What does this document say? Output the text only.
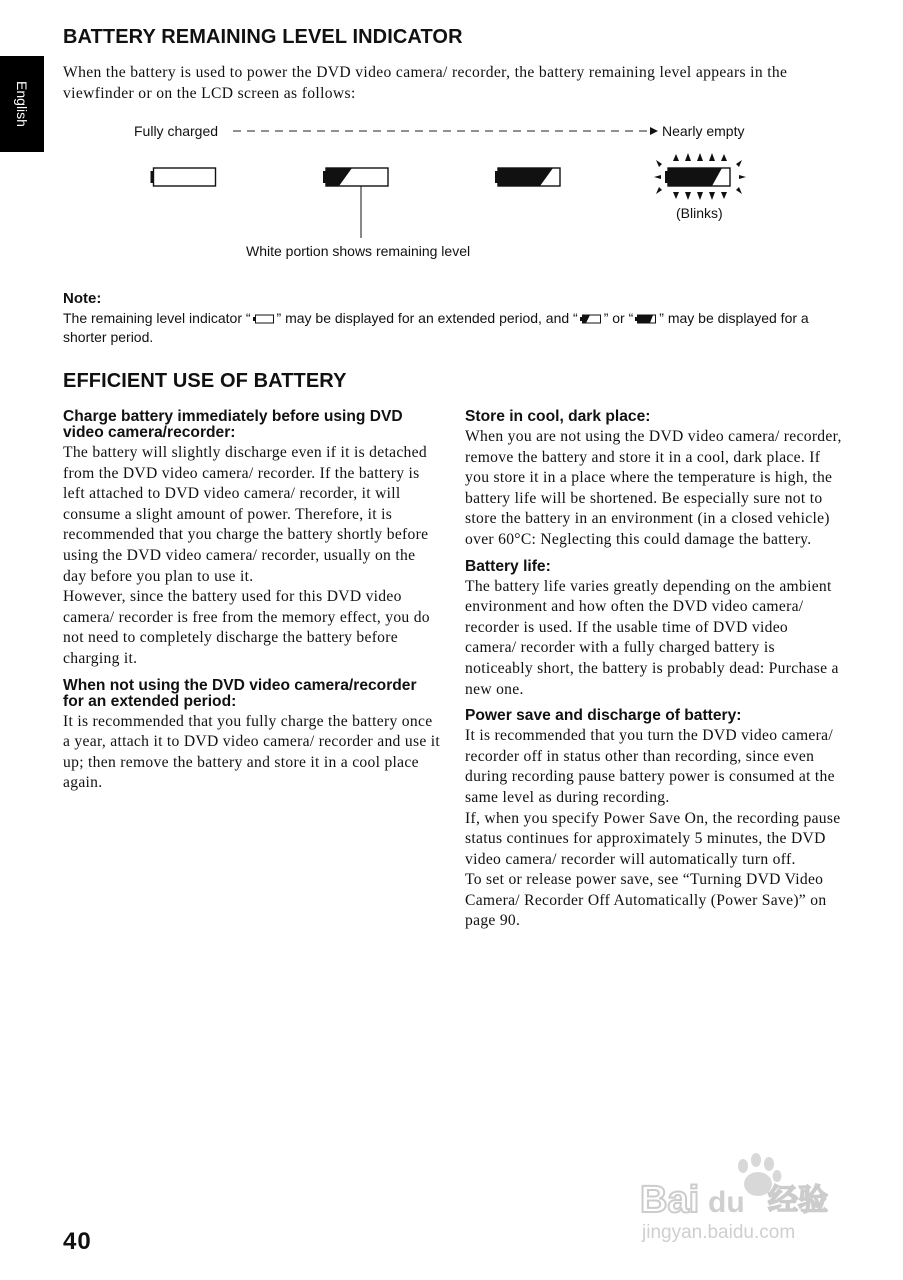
English
BATTERY REMAINING LEVEL INDICATOR
When the battery is used to power the DVD video camera/ recorder, the battery remaining level appears in the viewfinder or on the LCD screen as follows:
Fully charged	Nearly empty
(Blinks)
White portion shows remaining level
Note:
The remaining level indicator “ ” may be displayed for an extended period, and “ ” or “ ” may be displayed for a shorter period.
EFFICIENT USE OF BATTERY
Charge battery immediately before using DVD video camera/recorder:

The battery will slightly discharge even if it is detached from the DVD video camera/ recorder. If the battery is left attached to DVD video camera/ recorder, it will consume a slight amount of power. Therefore, it is recommended that you charge the battery shortly before using the DVD video camera/ recorder, usually on the day before you plan to use it.

However, since the battery used for this DVD video camera/ recorder is free from the memory effect, you do not need to completely discharge the battery before charging it.

When not using the DVD video camera/recorder for an extended period:

It is recommended that you fully charge the battery once a year, attach it to DVD video camera/ recorder and use it up; then remove the battery and store it in a cool place again.

Store in cool, dark place:

When you are not using the DVD video camera/ recorder, remove the battery and store it in a cool, dark place. If you store it in a place where the temperature is high, the battery life will be shortened. Be especially sure not to store the battery in an environment (in a closed vehicle) over 60°C: Neglecting this could damage the battery.

Battery life:

The battery life varies greatly depending on the ambient environment and how often the DVD video camera/ recorder is used. If the usable time of DVD video camera/ recorder with a fully charged battery is noticeably short, the battery is probably dead: Purchase a new one.

Power save and discharge of battery:

It is recommended that you turn the DVD video camera/ recorder off in status other than recording, since even during recording pause battery power is consumed at the same level as during recording.

If, when you specify Power Save On, the recording pause status continues for approximately 5 minutes, the DVD video camera/ recorder will automatically turn off.

To set or release power save, see “Turning DVD Video Camera/ Recorder Off Automatically (Power Save)” on page 90.

40
Bai du 经验
jingyan.baidu.com
